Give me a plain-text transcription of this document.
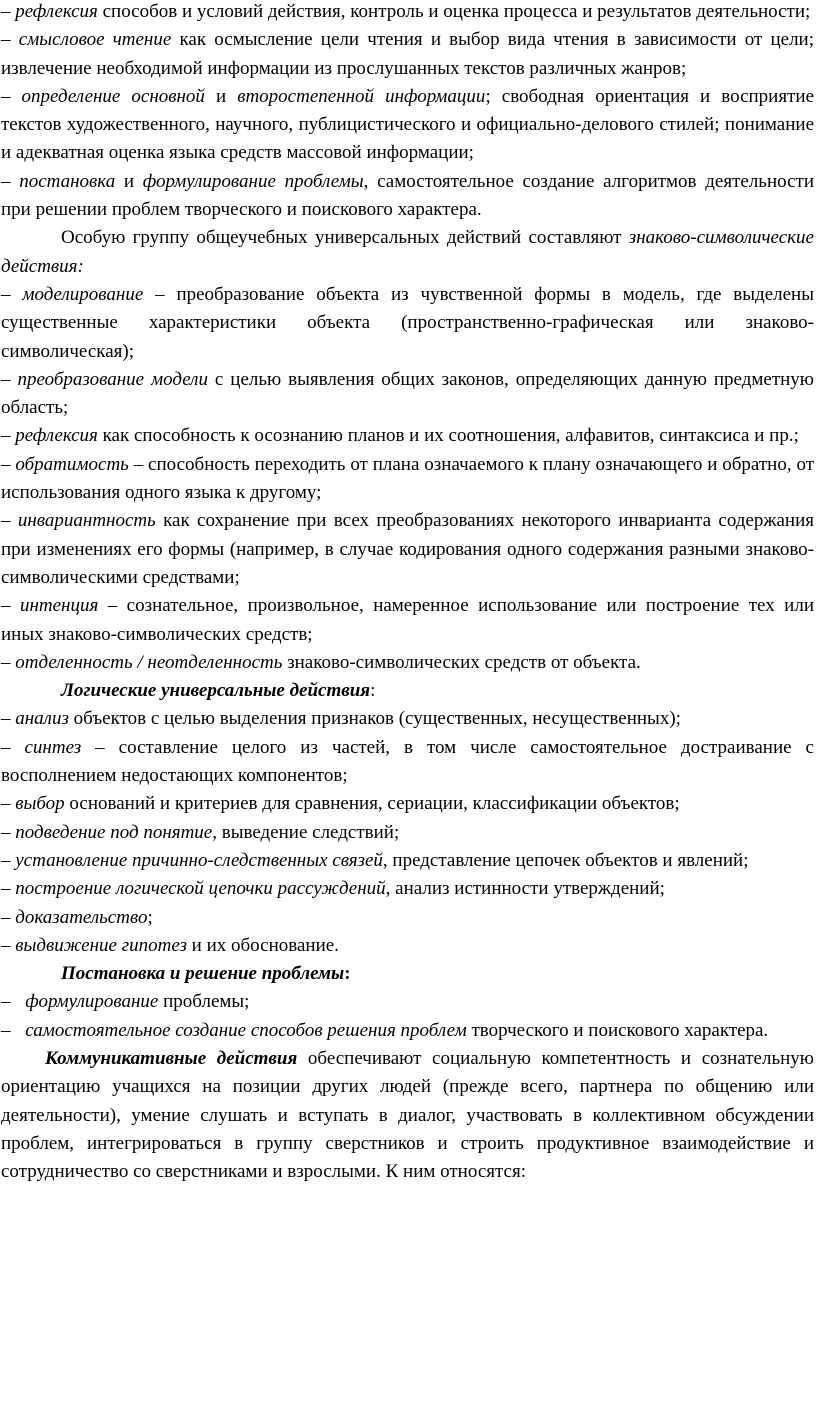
– рефлексия способов и условий действия, контроль и оценка процесса и результатов деятельности;

– смысловое чтение как осмысление цели чтения и выбор вида чтения в зависимости от цели; извлечение необходимой информации из прослушанных текстов различных жанров;

– определение основной и второстепенной информации; свободная ориентация и восприятие текстов художественного, научного, публицистического и официально-делового стилей; понимание и адекватная оценка языка средств массовой информации;

– постановка и формулирование проблемы, самостоятельное создание алгоритмов деятельности при решении проблем творческого и поискового характера.

Особую группу общеучебных универсальных действий составляют знаково-символические действия:

– моделирование – преобразование объекта из чувственной формы в модель, где выделены существенные характеристики объекта (пространственно-графическая или знаково-символическая);

– преобразование модели с целью выявления общих законов, определяющих данную предметную область;

– рефлексия как способность к осознанию планов и их соотношения, алфавитов, синтаксиса и пр.;

– обратимость – способность переходить от плана означаемого к плану означающего и обратно, от использования одного языка к другому;

– инвариантность как сохранение при всех преобразованиях некоторого инварианта содержания при изменениях его формы (например, в случае кодирования одного содержания разными знаково-символическими средствами;

– интенция – сознательное, произвольное, намеренное использование или построение тех или иных знаково-символических средств;

– отделенность / неотделенность знаково-символических средств от объекта.

Логические универсальные действия:

– анализ объектов с целью выделения признаков (существенных, несущественных);

– синтез – составление целого из частей, в том числе самостоятельное достраивание с восполнением недостающих компонентов;

– выбор оснований и критериев для сравнения, сериации, классификации объектов;

– подведение под понятие, выведение следствий;

– установление причинно-следственных связей, представление цепочек объектов и явлений;

– построение логической цепочки рассуждений, анализ истинности утверждений;

– доказательство;

– выдвижение гипотез и их обоснование.

Постановка и решение проблемы:

– формулирование проблемы;

– самостоятельное создание способов решения проблем творческого и поискового характера.

Коммуникативные действия обеспечивают социальную компетентность и сознательную ориентацию учащихся на позиции других людей (прежде всего, партнера по общению или деятельности), умение слушать и вступать в диалог, участвовать в коллективном обсуждении проблем, интегрироваться в группу сверстников и строить продуктивное взаимодействие и сотрудничество со сверстниками и взрослыми. К ним относятся:
